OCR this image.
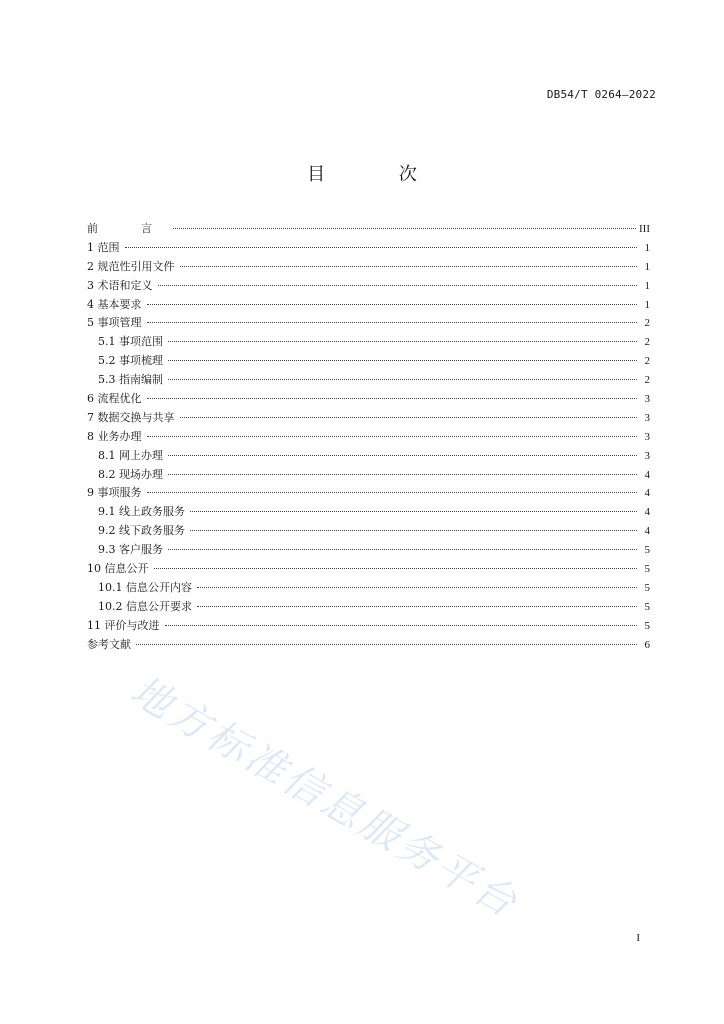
DB54/T 0264—2022
目 次
前　言	III
1 范围	1
2 规范性引用文件	1
3 术语和定义	1
4 基本要求	1
5 事项管理	2
5.1 事项范围	2
5.2 事项梳理	2
5.3 指南编制	2
6 流程优化	3
7 数据交换与共享	3
8 业务办理	3
8.1 网上办理	3
8.2 现场办理	4
9 事项服务	4
9.1 线上政务服务	4
9.2 线下政务服务	4
9.3 客户服务	5
10 信息公开	5
10.1 信息公开内容	5
10.2 信息公开要求	5
11 评价与改进	5
参考文献	6
地方标准信息服务平台
I
